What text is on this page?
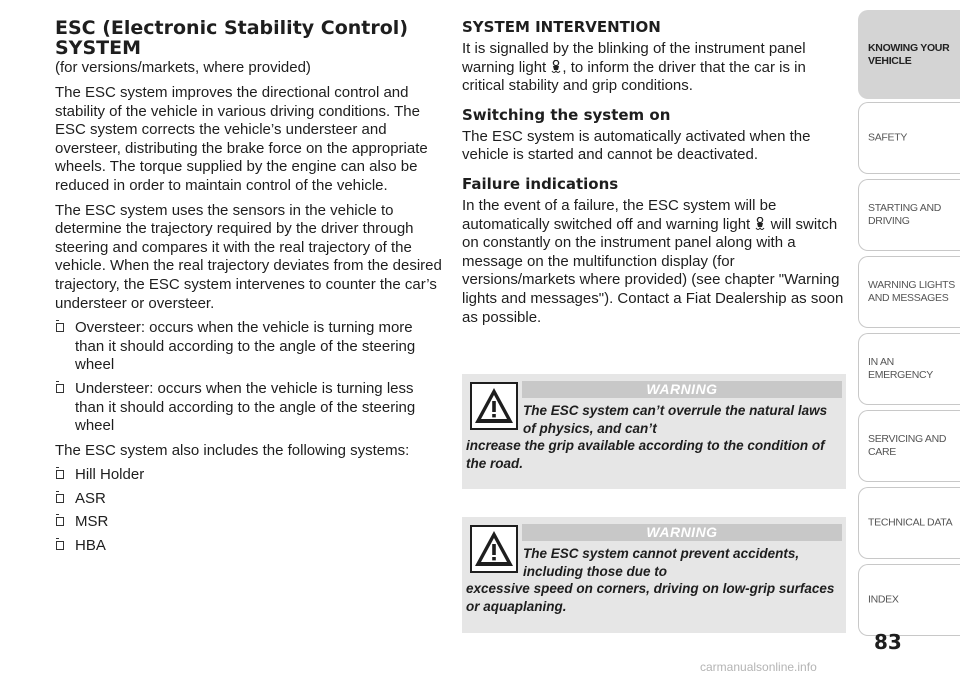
ESC (Electronic Stability Control) SYSTEM
(for versions/markets, where provided)

The ESC system improves the directional control and stability of the vehicle in various driving conditions. The ESC system corrects the vehicle’s understeer and oversteer, distributing the brake force on the appropriate wheels. The torque supplied by the engine can also be reduced in order to maintain control of the vehicle.

The ESC system uses the sensors in the vehicle to determine the trajectory required by the driver through steering and compares it with the real trajectory of the vehicle. When the real trajectory deviates from the desired trajectory, the ESC system intervenes to counter the car’s understeer or oversteer.

Oversteer: occurs when the vehicle is turning more than it should according to the angle of the steering wheel
Understeer: occurs when the vehicle is turning less than it should according to the angle of the steering wheel

The ESC system also includes the following systems:

Hill Holder
ASR
MSR
HBA
SYSTEM INTERVENTION

It is signalled by the blinking of the instrument panel warning light , to inform the driver that the car is in critical stability and grip conditions.

Switching the system on

The ESC system is automatically activated when the vehicle is started and cannot be deactivated.

Failure indications

In the event of a failure, the ESC system will be automatically switched off and warning light will switch on constantly on the instrument panel along with a message on the multifunction display (for versions/markets where provided) (see chapter "Warning lights and messages"). Contact a Fiat Dealership as soon as possible.

WARNING
The ESC system can’t overrule the natural laws of physics, and can’t
increase the grip available according to the condition of the road.
WARNING
The ESC system cannot prevent accidents, including those due to
excessive speed on corners, driving on low-grip surfaces or aquaplaning.
KNOWING YOUR VEHICLE
SAFETY
STARTING AND DRIVING
WARNING LIGHTS AND MESSAGES
IN AN EMERGENCY
SERVICING AND CARE
TECHNICAL DATA
INDEX
83
carmanualsonline.info
